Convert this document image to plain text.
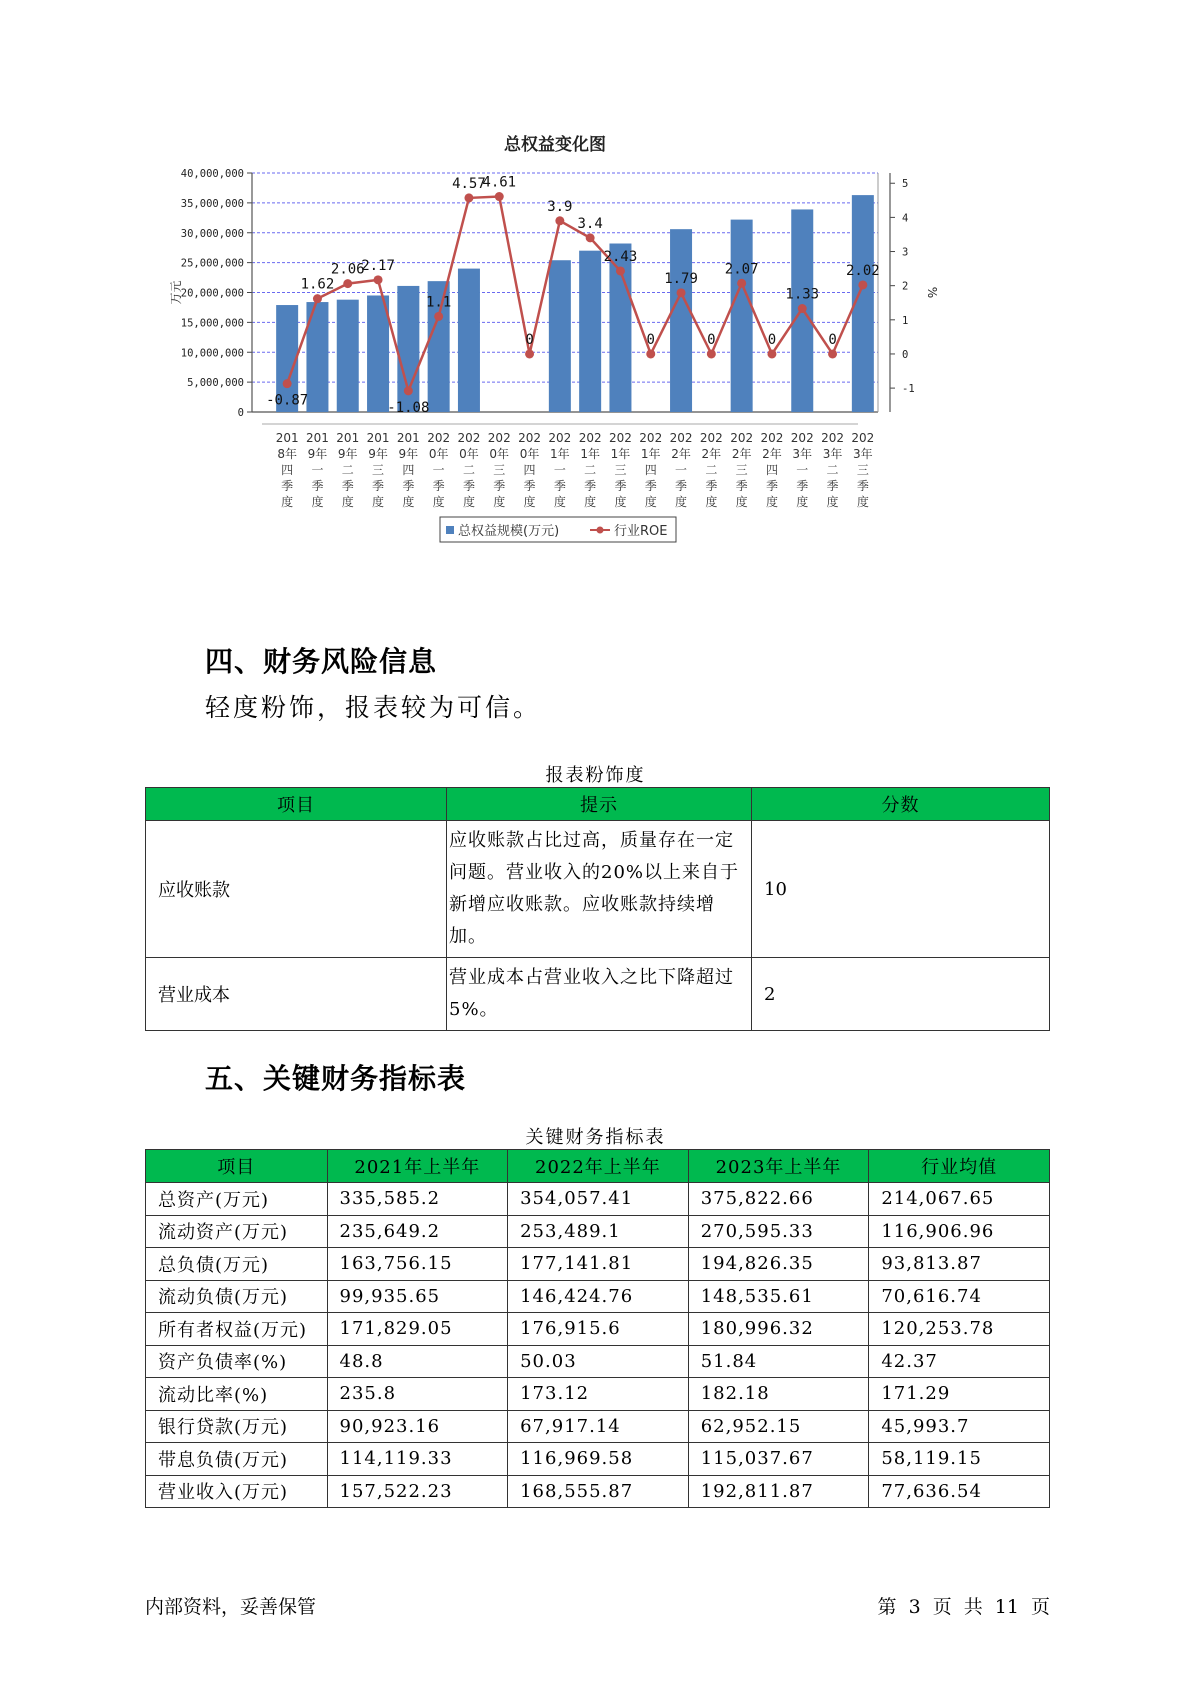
总权益变化图
0
5,000,000
10,000,000
15,000,000
20,000,000
25,000,000
30,000,000
35,000,000
40,000,000
-1
0
1
2
3
4
5
万元	%
-0.87
1.62
2.06
2.17
-1.08
1.1
4.57
4.61
0
3.9
3.4
2.43
0
1.79
0
2.07
0
1.33
0
2.02
201
8年
四
季
度
201
9年
一
季
度
201
9年
二
季
度
201
9年
三
季
度
201
9年
四
季
度
202
0年
一
季
度
202
0年
二
季
度
202
0年
三
季
度
202
0年
四
季
度
202
1年
一
季
度
202
1年
二
季
度
202
1年
三
季
度
202
1年
四
季
度
202
2年
一
季
度
202
2年
二
季
度
202
2年
三
季
度
202
2年
四
季
度
202
3年
一
季
度
202
3年
二
季
度
202
3年
三
季
度
总权益规模(万元)	行业ROE
四、财务风险信息
轻度粉饰，报表较为可信。
报表粉饰度
项目	提示	分数
应收账款	应收账款占比过高，质量存在一定问题。营业收入的20%以上来自于新增应收账款。应收账款持续增加。	10
营业成本	营业成本占营业收入之比下降超过5%。	2
五、关键财务指标表
关键财务指标表
项目	2021年上半年	2022年上半年	2023年上半年	行业均值
总资产(万元)	335,585.2	354,057.41	375,822.66	214,067.65
流动资产(万元)	235,649.2	253,489.1	270,595.33	116,906.96
总负债(万元)	163,756.15	177,141.81	194,826.35	93,813.87
流动负债(万元)	99,935.65	146,424.76	148,535.61	70,616.74
所有者权益(万元)	171,829.05	176,915.6	180,996.32	120,253.78
资产负债率(%)	48.8	50.03	51.84	42.37
流动比率(%)	235.8	173.12	182.18	171.29
银行贷款(万元)	90,923.16	67,917.14	62,952.15	45,993.7
带息负债(万元)	114,119.33	116,969.58	115,037.67	58,119.15
营业收入(万元)	157,522.23	168,555.87	192,811.87	77,636.54
内部资料，妥善保管	第 3 页 共 11 页
